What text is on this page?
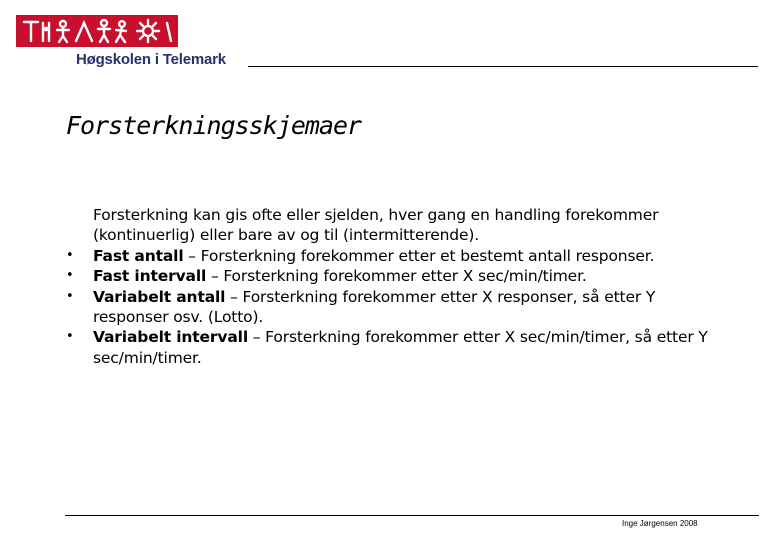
Høgskolen i Telemark
Forsterkningsskjemaer

Forsterkning kan gis ofte eller sjelden, hver gang en handling forekommer (kontinuerlig) eller bare av og til (intermitterende).

• Fast antall – Forsterkning forekommer etter et bestemt antall responser.

• Fast intervall – Forsterkning forekommer etter X sec/min/timer.

• Variabelt antall – Forsterkning forekommer etter X responser, så etter Y responser osv. (Lotto).

• Variabelt intervall – Forsterkning forekommer etter X sec/min/timer, så etter Y sec/min/timer.

Inge Jørgensen 2008
